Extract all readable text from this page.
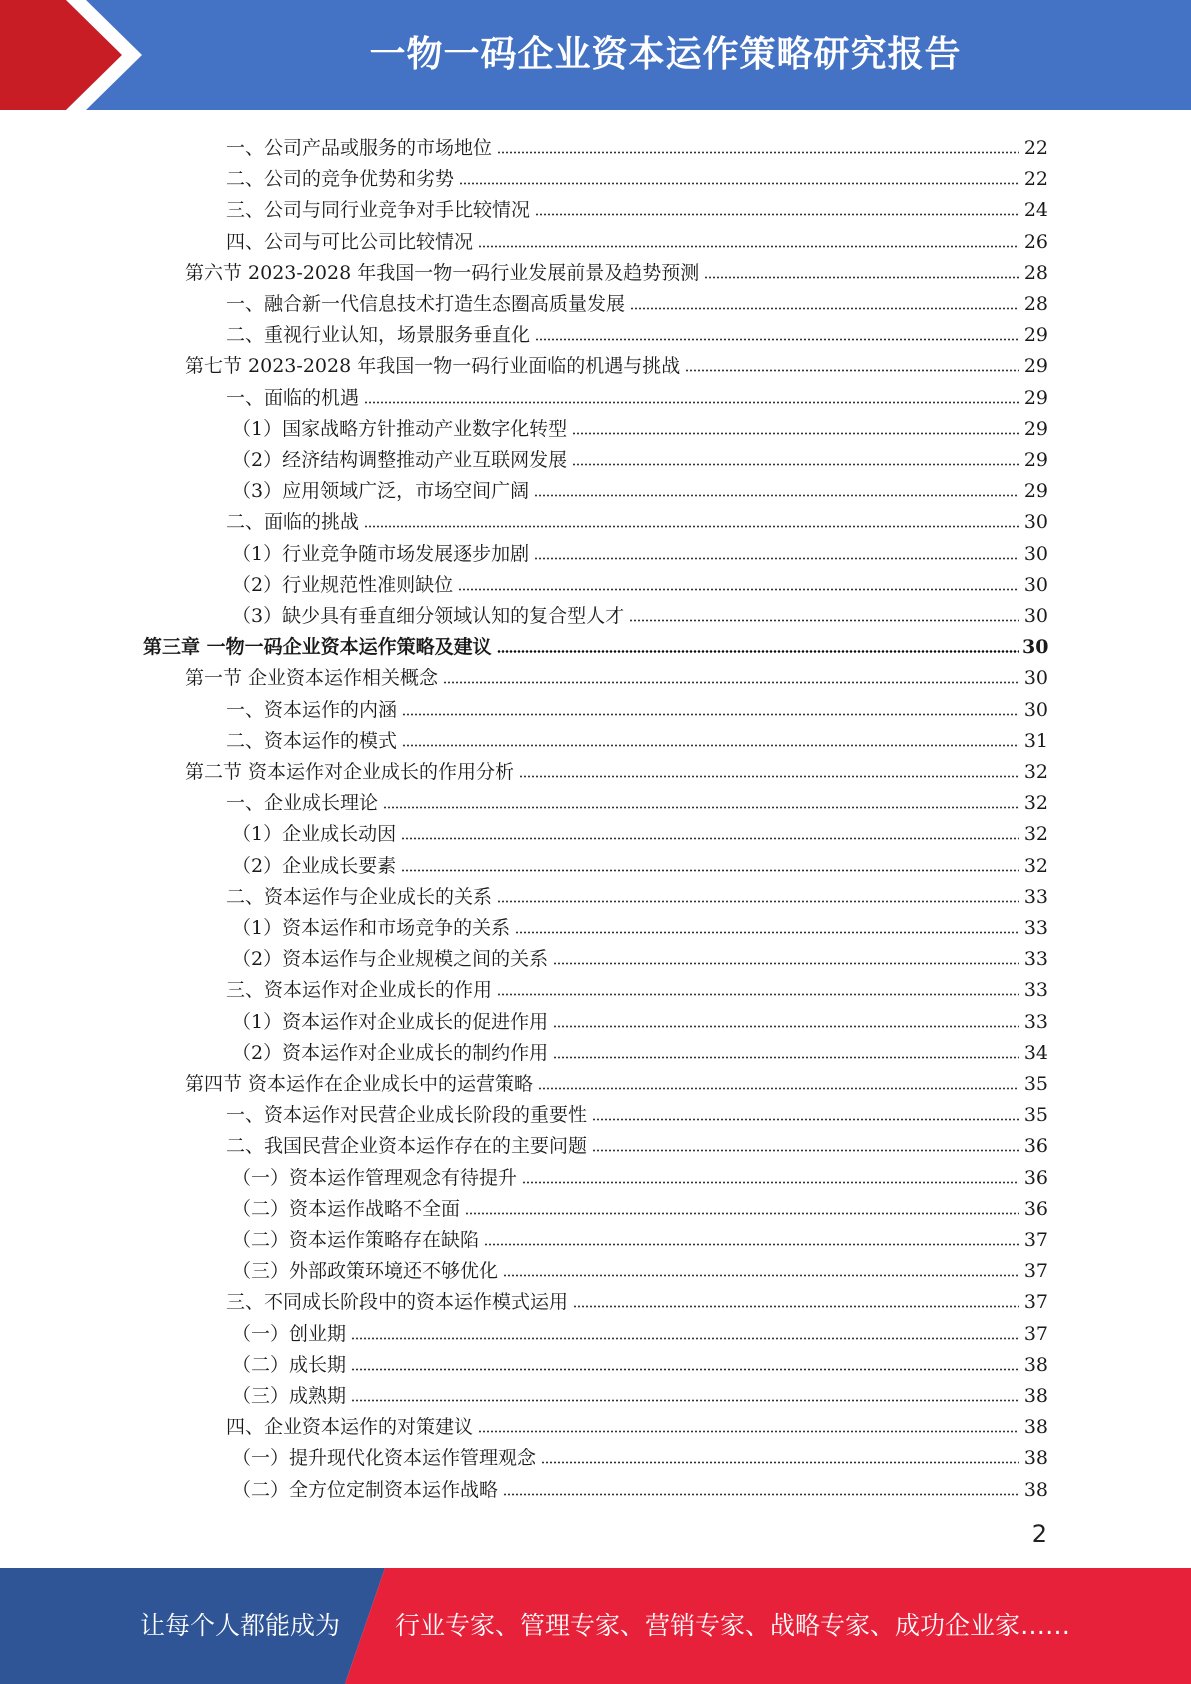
一物一码企业资本运作策略研究报告
一、公司产品或服务的市场地位	22
二、公司的竞争优势和劣势	22
三、公司与同行业竞争对手比较情况	24
四、公司与可比公司比较情况	26
第六节 2023-2028 年我国一物一码行业发展前景及趋势预测	28
一、融合新一代信息技术打造生态圈高质量发展	28
二、重视行业认知，场景服务垂直化	29
第七节 2023-2028 年我国一物一码行业面临的机遇与挑战	29
一、面临的机遇	29
（1）国家战略方针推动产业数字化转型	29
（2）经济结构调整推动产业互联网发展	29
（3）应用领域广泛，市场空间广阔	29
二、面临的挑战	30
（1）行业竞争随市场发展逐步加剧	30
（2）行业规范性准则缺位	30
（3）缺少具有垂直细分领域认知的复合型人才	30
第三章 一物一码企业资本运作策略及建议	30
第一节 企业资本运作相关概念	30
一、资本运作的内涵	30
二、资本运作的模式	31
第二节 资本运作对企业成长的作用分析	32
一、企业成长理论	32
（1）企业成长动因	32
（2）企业成长要素	32
二、资本运作与企业成长的关系	33
（1）资本运作和市场竞争的关系	33
（2）资本运作与企业规模之间的关系	33
三、资本运作对企业成长的作用	33
（1）资本运作对企业成长的促进作用	33
（2）资本运作对企业成长的制约作用	34
第四节 资本运作在企业成长中的运营策略	35
一、资本运作对民营企业成长阶段的重要性	35
二、我国民营企业资本运作存在的主要问题	36
（一）资本运作管理观念有待提升	36
（二）资本运作战略不全面	36
（二）资本运作策略存在缺陷	37
（三）外部政策环境还不够优化	37
三、不同成长阶段中的资本运作模式运用	37
（一）创业期	37
（二）成长期	38
（三）成熟期	38
四、企业资本运作的对策建议	38
（一）提升现代化资本运作管理观念	38
（二）全方位定制资本运作战略	38
2
让每个人都能成为 行业专家、管理专家、营销专家、战略专家、成功企业家……
